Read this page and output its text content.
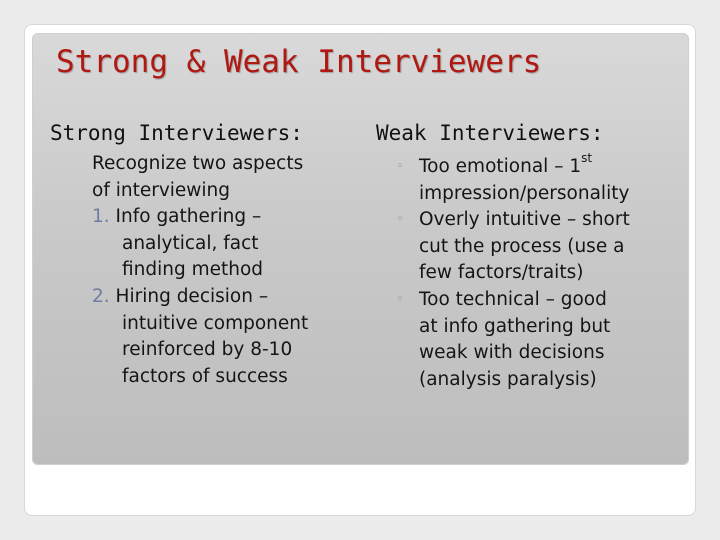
Strong & Weak Interviewers
Strong Interviewers:	Weak Interviewers:
Recognize two aspects
of interviewing
1. Info gathering –
analytical, fact
finding method
2. Hiring decision –
intuitive component
reinforced by 8-10
factors of success
◦ Too emotional – 1st
impression/personality
◦ Overly intuitive – short
cut the process (use a
few factors/traits)
◦ Too technical – good
at info gathering but
weak with decisions
(analysis paralysis)
